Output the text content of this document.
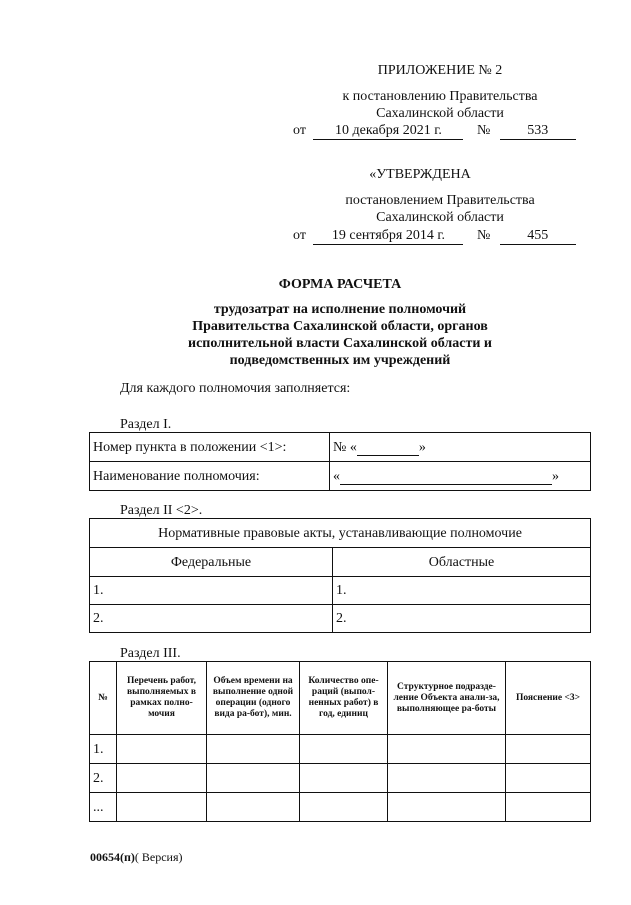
ПРИЛОЖЕНИЕ № 2
к постановлению Правительства
Сахалинской области
от 10 декабря 2021 г.	№	533
«УТВЕРЖДЕНА
постановлением Правительства
Сахалинской области
от 19 сентября 2014 г. №	455
ФОРМА РАСЧЕТА
трудозатрат на исполнение полномочий
Правительства Сахалинской области, органов
исполнительной власти Сахалинской области и
подведомственных им учреждений
Для каждого полномочия заполняется:
Раздел I.
Номер пункта в положении <1>:	№ « »
Наименование полномочия:	« »
Раздел II <2>.
Нормативные правовые акты, устанавливающие полномочие	
Федеральные	Областные
1.	1.
2.	2.
Раздел III.
№	Перечень работ, выполняемых в рамках полно-мочия	Объем времени на выполнение одной операции (одного вида ра-бот), мин.	Количество опе-раций (выпол-ненных работ) в год, единиц	Структурное подразде-ление Объекта анали-за, выполняющее ра-боты	Пояснение <3>
1.					
2.					
...					
00654(п)( Версия)
